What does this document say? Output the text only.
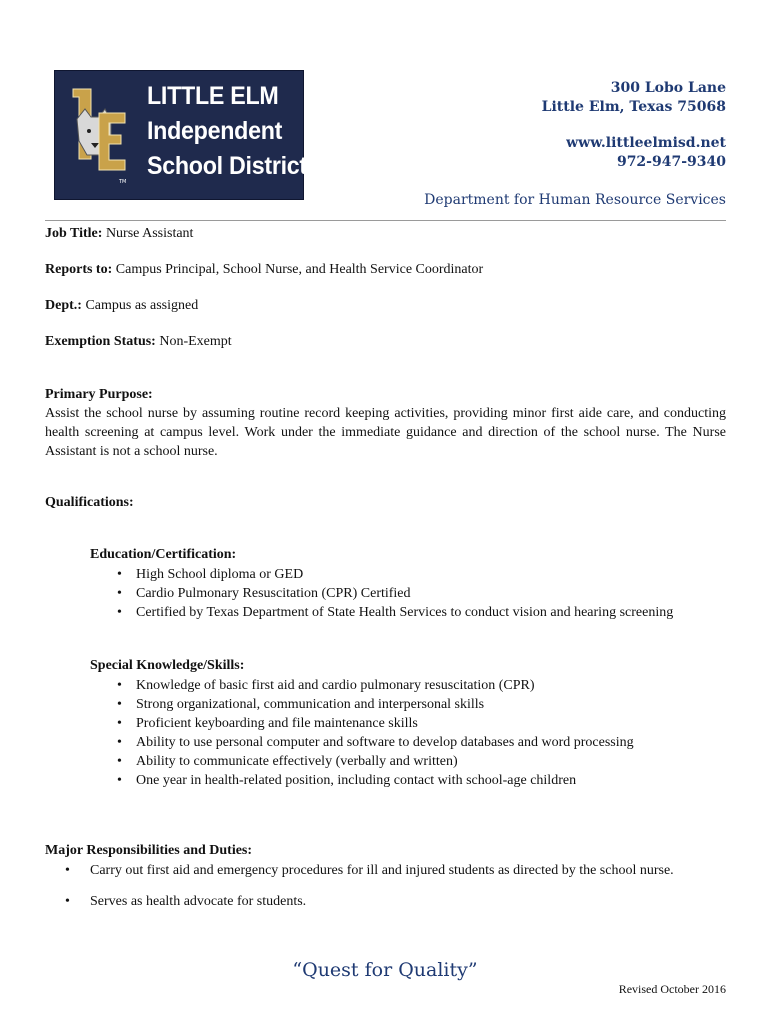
TM
LITTLE ELM
Independent
School District
300 Lobo Lane
Little Elm, Texas 75068
www.littleelmisd.net
972-947-9340
Department for Human Resource Services
Job Title: Nurse Assistant
Reports to: Campus Principal, School Nurse, and Health Service Coordinator
Dept.: Campus as assigned
Exemption Status: Non-Exempt
Primary Purpose:
Assist the school nurse by assuming routine record keeping activities, providing minor first aide care, and conducting health screening at campus level. Work under the immediate guidance and direction of the school nurse. The Nurse Assistant is not a school nurse.
Qualifications:
Education/Certification:
• High School diploma or GED
• Cardio Pulmonary Resuscitation (CPR) Certified
• Certified by Texas Department of State Health Services to conduct vision and hearing screening
Special Knowledge/Skills:
• Knowledge of basic first aid and cardio pulmonary resuscitation (CPR)
• Strong organizational, communication and interpersonal skills
• Proficient keyboarding and file maintenance skills
• Ability to use personal computer and software to develop databases and word processing
• Ability to communicate effectively (verbally and written)
• One year in health-related position, including contact with school-age children
Major Responsibilities and Duties:
• Carry out first aid and emergency procedures for ill and injured students as directed by the school nurse.
• Serves as health advocate for students.
“Quest for Quality”
Revised October 2016
